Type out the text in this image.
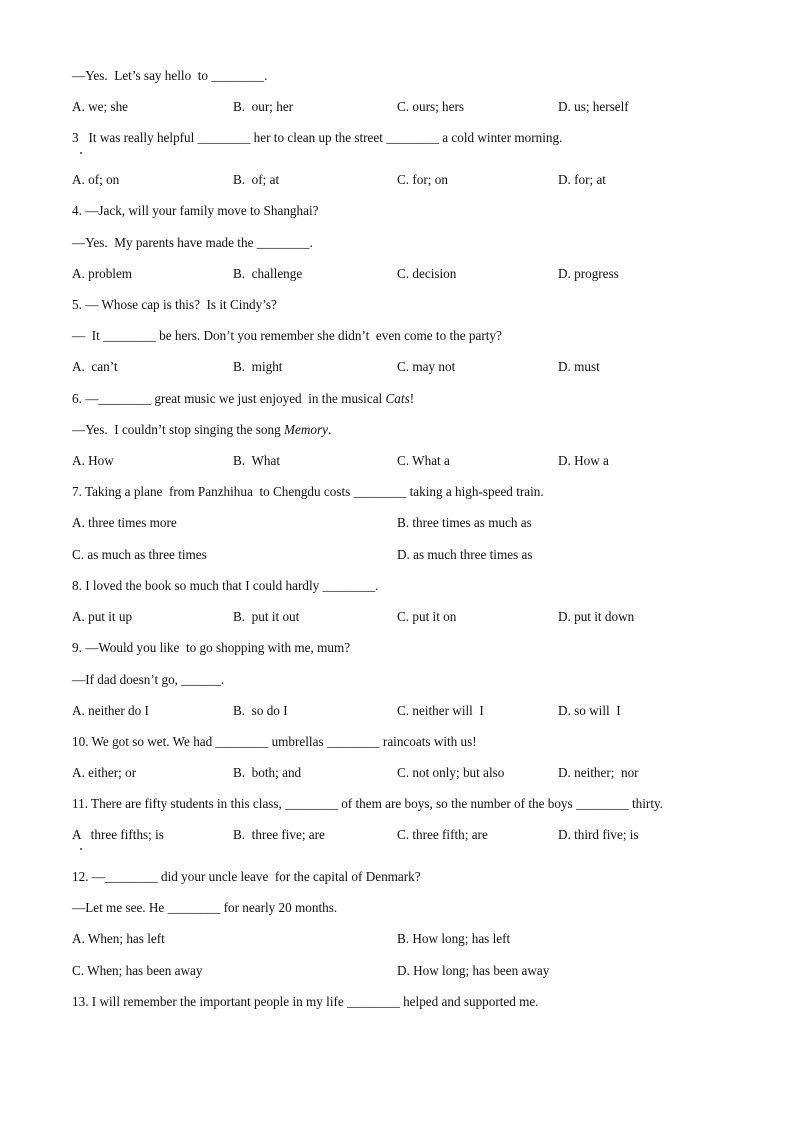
—Yes.  Let’s say hello  to ________.
A. we; she	B.  our; her	C. ours; hers	D. us; herself
3   It was really helpful ________ her to clean up the street ________ a cold winter morning.
A. of; on	B.  of; at	C. for; on	D. for; at
4. —Jack, will your family move to Shanghai?
—Yes.  My parents have made the ________.
A. problem	B.  challenge	C. decision	D. progress
5. — Whose cap is this?  Is it Cindy’s?
—  It ________ be hers. Don’t you remember she didn’t  even come to the party?
A.  can’t	B.  might	C. may not	D. must
6. —________ great music we just enjoyed  in the musical Cats!
—Yes.  I couldn’t stop singing the song Memory.
A. How	B.  What	C. What a	D. How a
7. Taking a plane  from Panzhihua  to Chengdu costs ________ taking a high-speed train.
A. three times more	B. three times as much as
C. as much as three times	D. as much three times as
8. I loved the book so much that I could hardly ________.
A. put it up	B.  put it out	C. put it on	D. put it down
9. —Would you like  to go shopping with me, mum?
—If dad doesn’t go, ______.
A. neither do I	B.  so do I	C. neither will  I	D. so will  I
10. We got so wet. We had ________ umbrellas ________ raincoats with us!
A. either; or	B.  both; and	C. not only; but also	D. neither;  nor
11. There are fifty students in this class, ________ of them are boys, so the number of the boys ________ thirty.
A   three fifths; is	B.  three five; are	C. three fifth; are	D. third five; is
12. —________ did your uncle leave  for the capital of Denmark?
—Let me see. He ________ for nearly 20 months.
A. When; has left	B. How long; has left
C. When; has been away	D. How long; has been away
13. I will remember the important people in my life ________ helped and supported me.
